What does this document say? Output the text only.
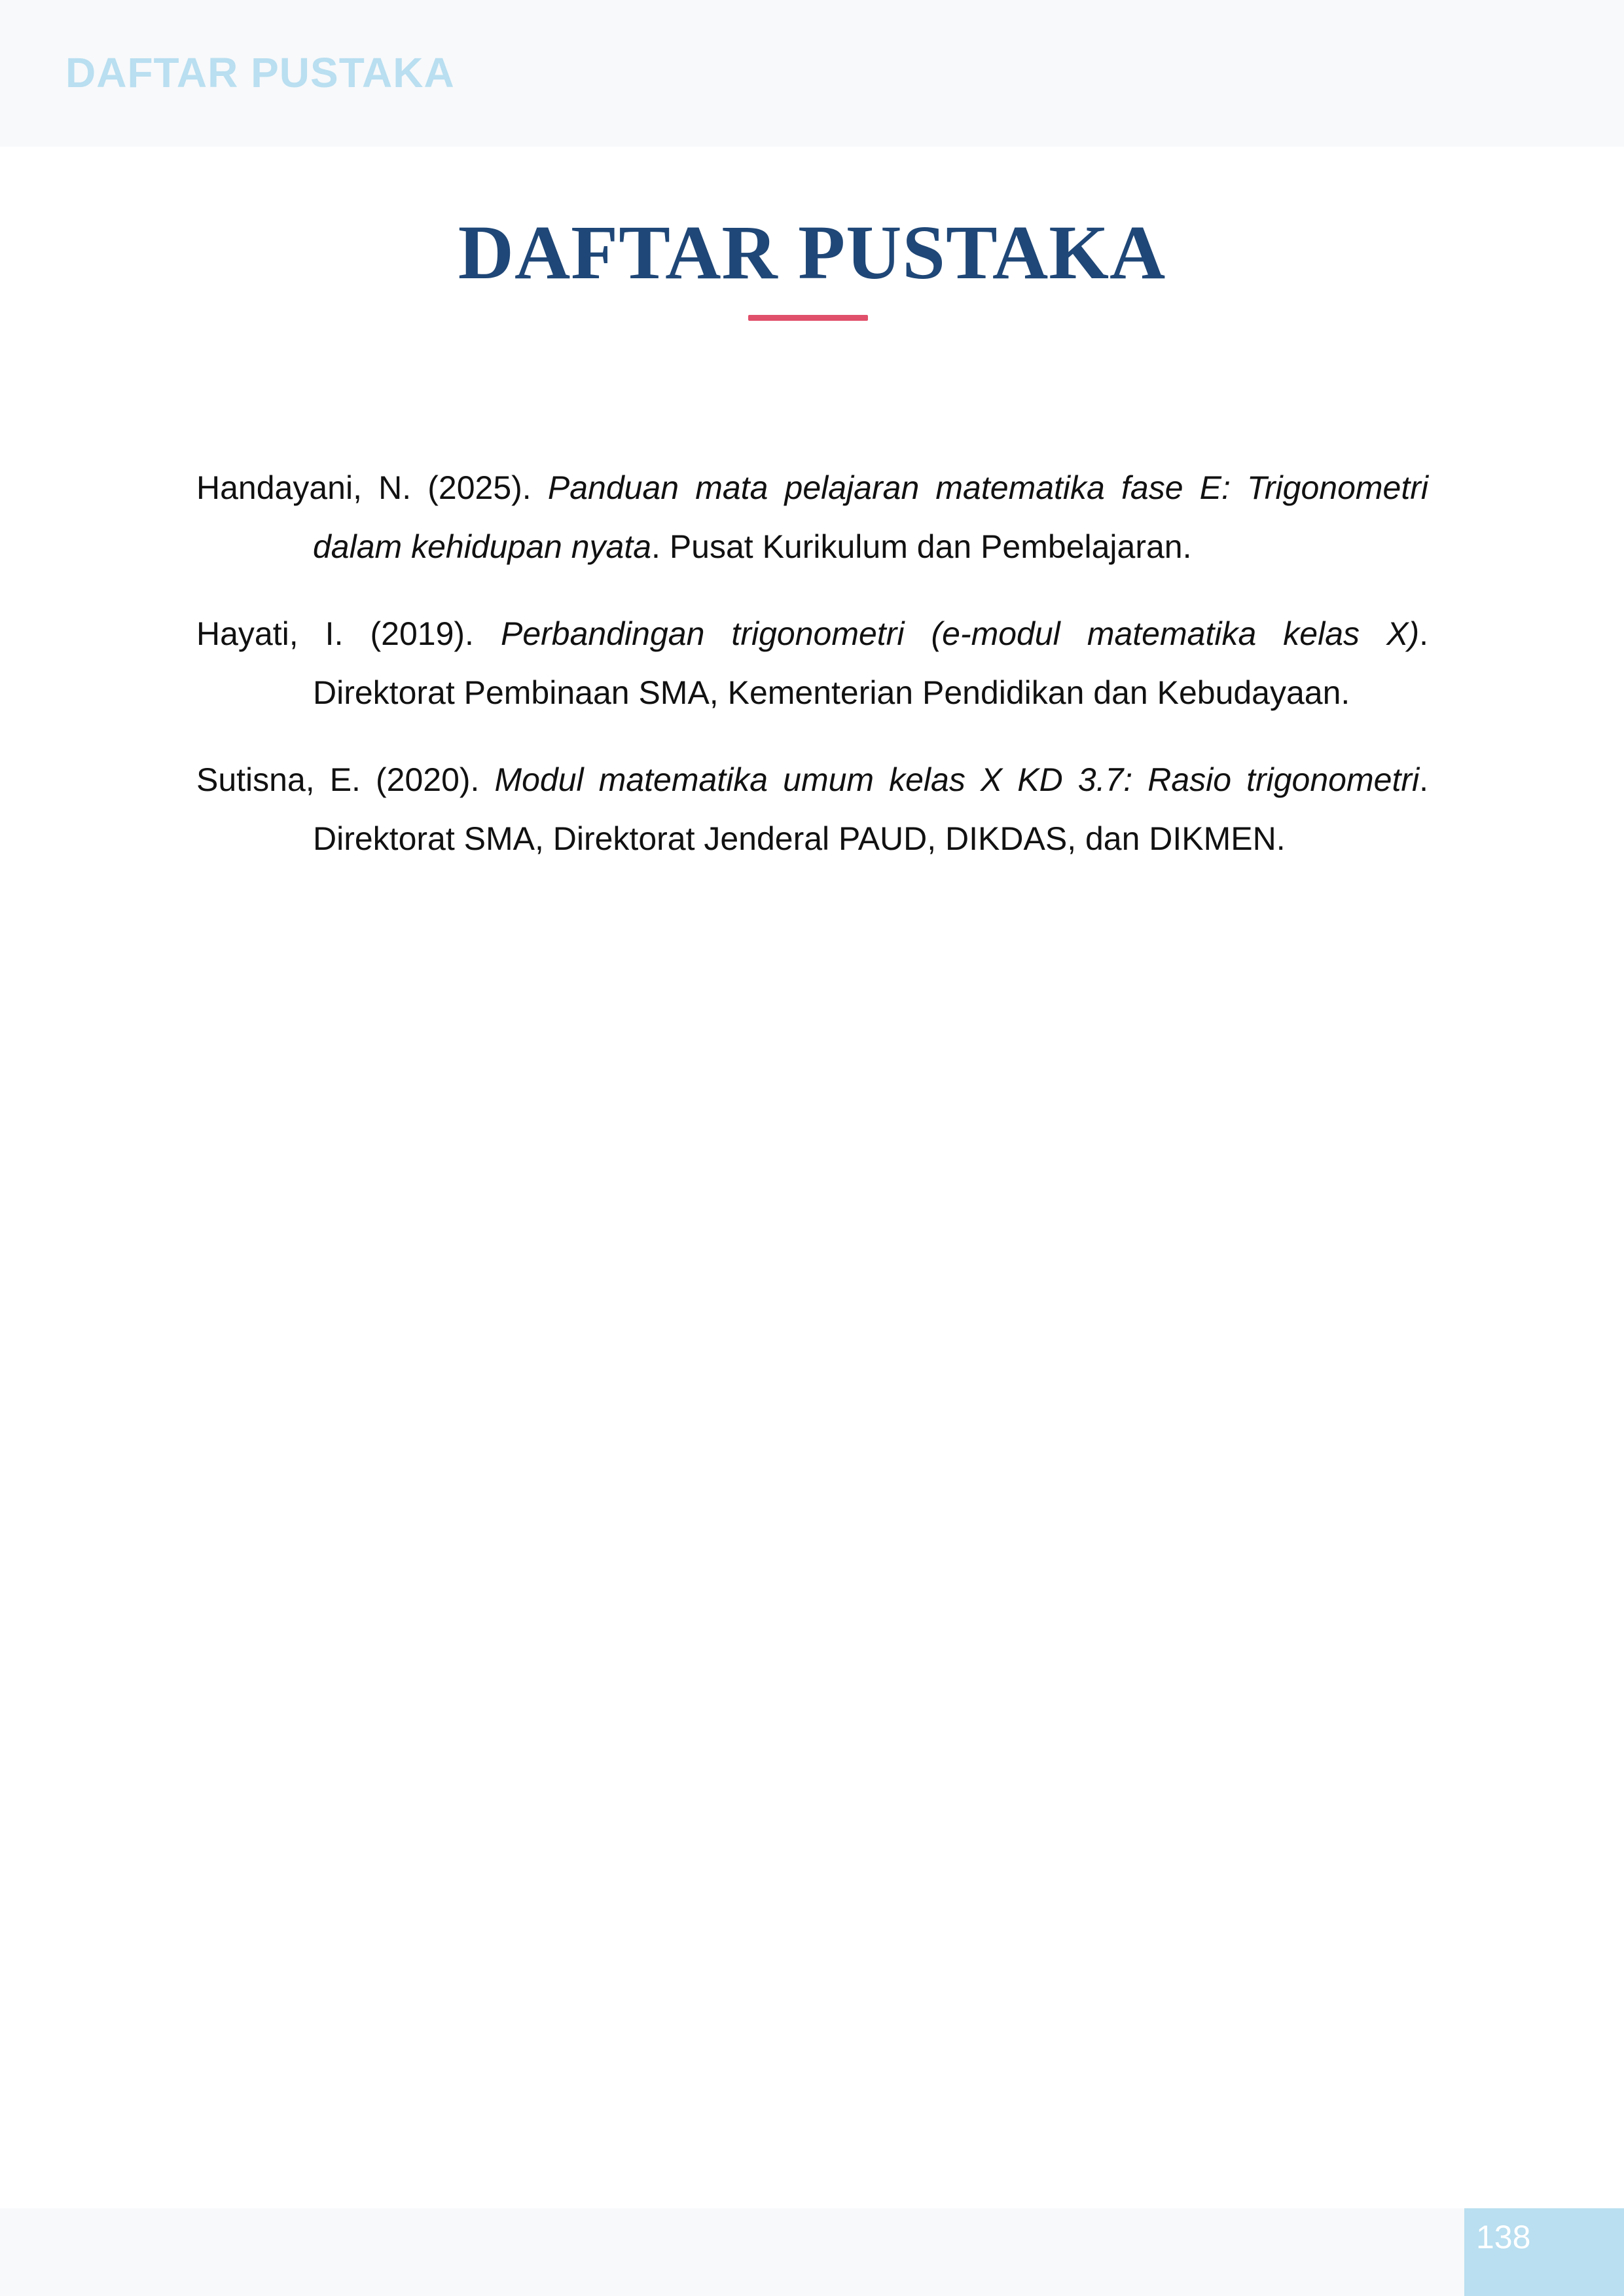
DAFTAR PUSTAKA
DAFTAR PUSTAKA

Handayani, N. (2025). Panduan mata pelajaran matematika fase E: Trigonometri dalam kehidupan nyata. Pusat Kurikulum dan Pembelajaran.

Hayati, I. (2019). Perbandingan trigonometri (e-modul matematika kelas X). Direktorat Pembinaan SMA, Kementerian Pendidikan dan Kebudayaan.

Sutisna, E. (2020). Modul matematika umum kelas X KD 3.7: Rasio trigonometri. Direktorat SMA, Direktorat Jenderal PAUD, DIKDAS, dan DIKMEN.

138
